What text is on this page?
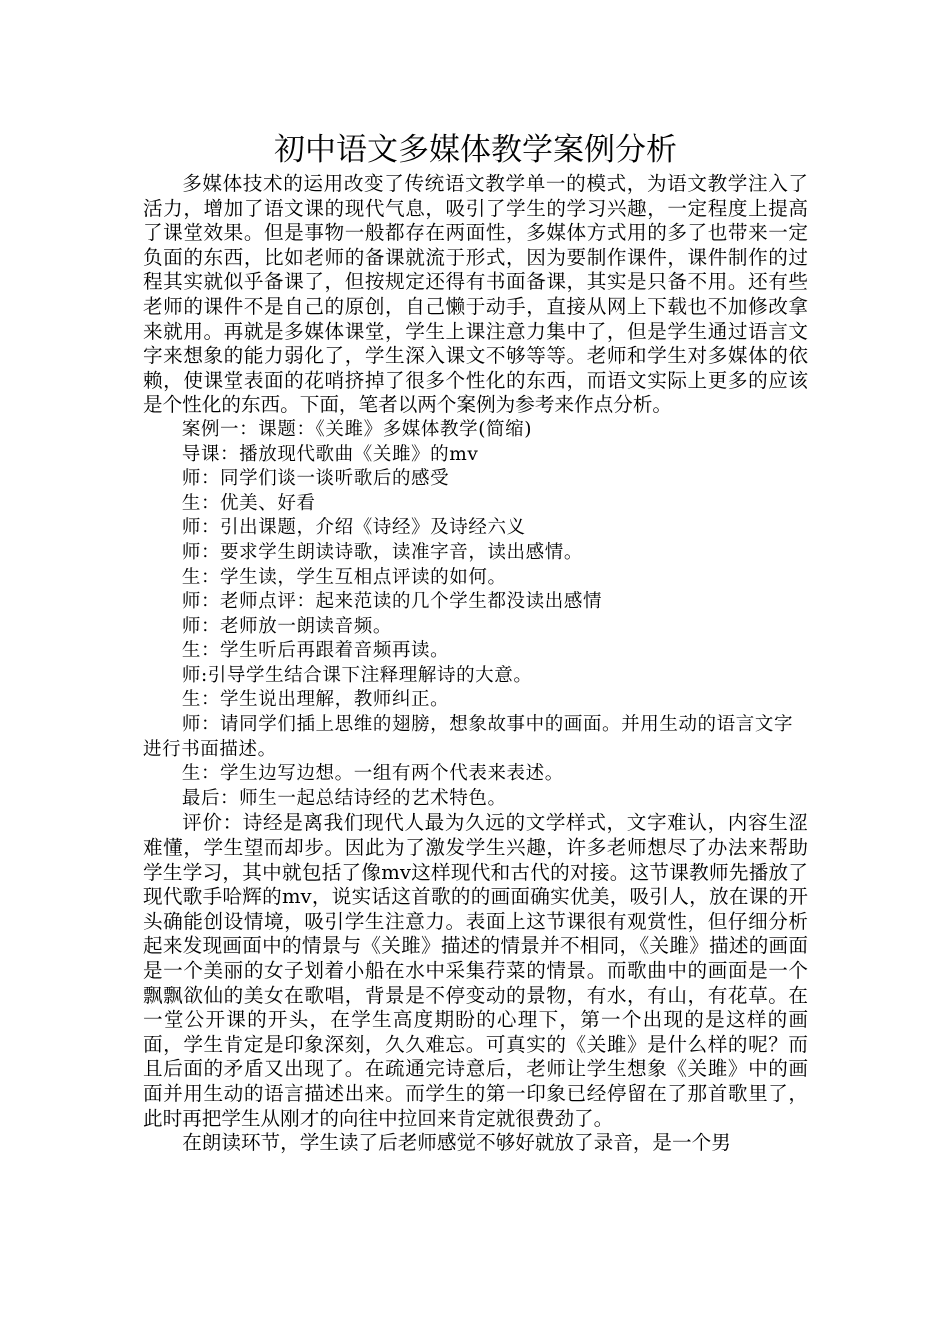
初中语文多媒体教学案例分析

多媒体技术的运用改变了传统语文教学单一的模式，为语文教学注入了活力，增加了语文课的现代气息，吸引了学生的学习兴趣，一定程度上提高了课堂效果。但是事物一般都存在两面性，多媒体方式用的多了也带来一定负面的东西，比如老师的备课就流于形式，因为要制作课件，课件制作的过程其实就似乎备课了，但按规定还得有书面备课，其实是只备不用。还有些老师的课件不是自己的原创，自己懒于动手，直接从网上下载也不加修改拿来就用。再就是多媒体课堂，学生上课注意力集中了，但是学生通过语言文字来想象的能力弱化了，学生深入课文不够等等。老师和学生对多媒体的依赖，使课堂表面的花哨挤掉了很多个性化的东西，而语文实际上更多的应该是个性化的东西。下面，笔者以两个案例为参考来作点分析。

案例一：课题：《关雎》多媒体教学(简缩)

导课：播放现代歌曲《关雎》的mv

师：同学们谈一谈听歌后的感受

生：优美、好看

师：引出课题，介绍《诗经》及诗经六义

师：要求学生朗读诗歌，读准字音，读出感情。

生：学生读，学生互相点评读的如何。

师：老师点评：起来范读的几个学生都没读出感情

师：老师放一朗读音频。

生：学生听后再跟着音频再读。

师:引导学生结合课下注释理解诗的大意。

生：学生说出理解，教师纠正。

师：请同学们插上思维的翅膀，想象故事中的画面。并用生动的语言文字进行书面描述。

生：学生边写边想。一组有两个代表来表述。

最后：师生一起总结诗经的艺术特色。

评价：诗经是离我们现代人最为久远的文学样式，文字难认，内容生涩难懂，学生望而却步。因此为了激发学生兴趣，许多老师想尽了办法来帮助学生学习，其中就包括了像mv这样现代和古代的对接。这节课教师先播放了现代歌手哈辉的mv，说实话这首歌的的画面确实优美，吸引人，放在课的开头确能创设情境，吸引学生注意力。表面上这节课很有观赏性，但仔细分析起来发现画面中的情景与《关雎》描述的情景并不相同，《关雎》描述的画面是一个美丽的女子划着小船在水中采集荇菜的情景。而歌曲中的画面是一个飘飘欲仙的美女在歌唱，背景是不停变动的景物，有水，有山，有花草。在一堂公开课的开头，在学生高度期盼的心理下，第一个出现的是这样的画面，学生肯定是印象深刻，久久难忘。可真实的《关雎》是什么样的呢？而且后面的矛盾又出现了。在疏通完诗意后，老师让学生想象《关雎》中的画面并用生动的语言描述出来。而学生的第一印象已经停留在了那首歌里了，此时再把学生从刚才的向往中拉回来肯定就很费劲了。

在朗读环节，学生读了后老师感觉不够好就放了录音，是一个男
